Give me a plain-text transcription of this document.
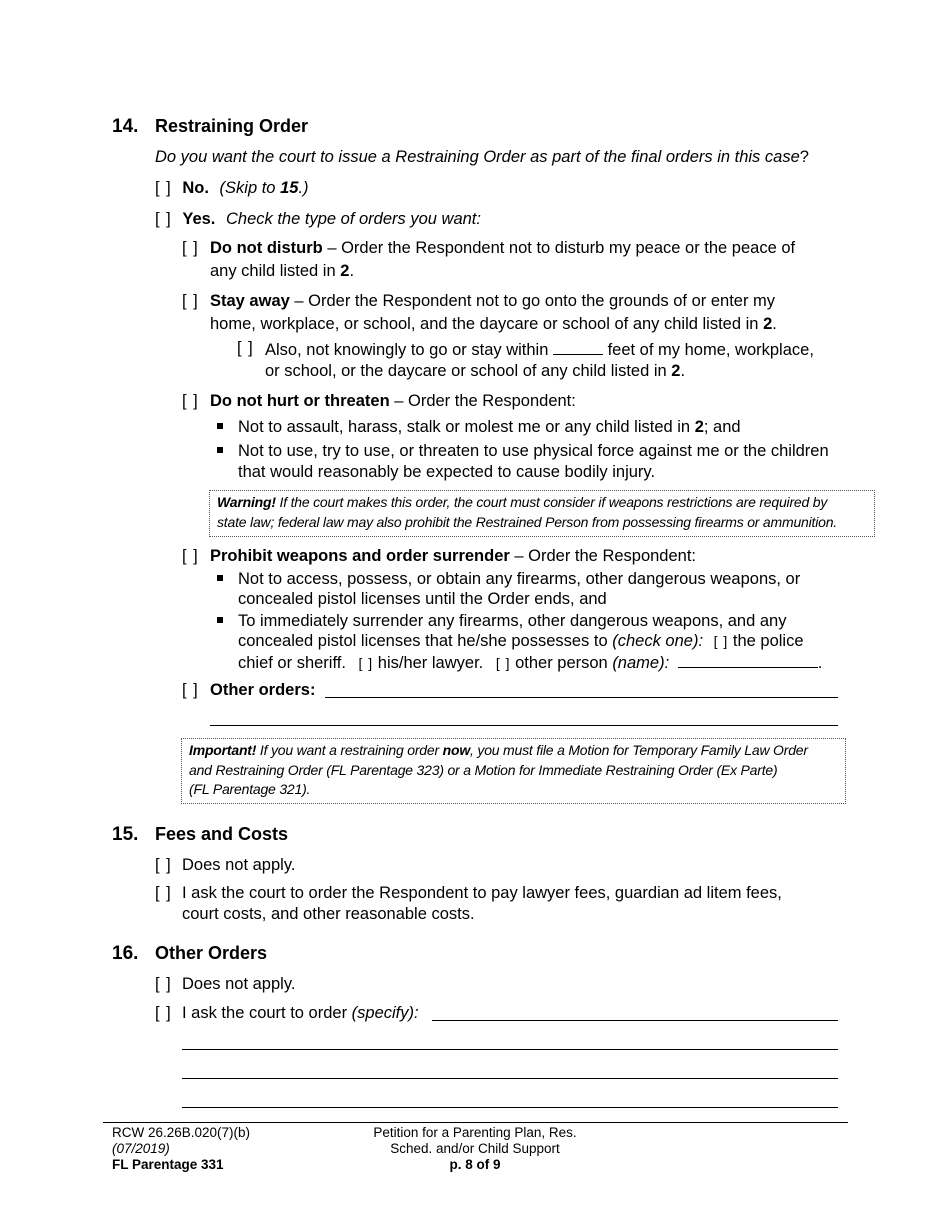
14. Restraining Order
Do you want the court to issue a Restraining Order as part of the final orders in this case?
[ ] No. (Skip to 15.)
[ ] Yes. Check the type of orders you want:
[ ] Do not disturb – Order the Respondent not to disturb my peace or the peace of
any child listed in 2.
[ ] Stay away – Order the Respondent not to go onto the grounds of or enter my
home, workplace, or school, and the daycare or school of any child listed in 2.
[ ] Also, not knowingly to go or stay within	feet of my home, workplace,
or school, or the daycare or school of any child listed in 2.
[ ] Do not hurt or threaten – Order the Respondent:
Not to assault, harass, stalk or molest me or any child listed in 2; and
Not to use, try to use, or threaten to use physical force against me or the children
that would reasonably be expected to cause bodily injury.
Warning! If the court makes this order, the court must consider if weapons restrictions are required by
state law; federal law may also prohibit the Restrained Person from possessing firearms or ammunition.
[ ] Prohibit weapons and order surrender – Order the Respondent:
Not to access, possess, or obtain any firearms, other dangerous weapons, or
concealed pistol licenses until the Order ends, and
To immediately surrender any firearms, other dangerous weapons, and any
concealed pistol licenses that he/she possesses to (check one): [ ] the police
chief or sheriff. [ ] his/her lawyer. [ ] other person (name):	.
[ ] Other orders:
Important! If you want a restraining order now, you must file a Motion for Temporary Family Law Order
and Restraining Order (FL Parentage 323) or a Motion for Immediate Restraining Order (Ex Parte)
(FL Parentage 321).
15. Fees and Costs
[ ] Does not apply.
[ ] I ask the court to order the Respondent to pay lawyer fees, guardian ad litem fees,
court costs, and other reasonable costs.
16. Other Orders
[ ] Does not apply.
[ ] I ask the court to order (specify):
RCW 26.26B.020(7)(b)
(07/2019)
FL Parentage 331
Petition for a Parenting Plan, Res.
Sched. and/or Child Support
p. 8 of 9
